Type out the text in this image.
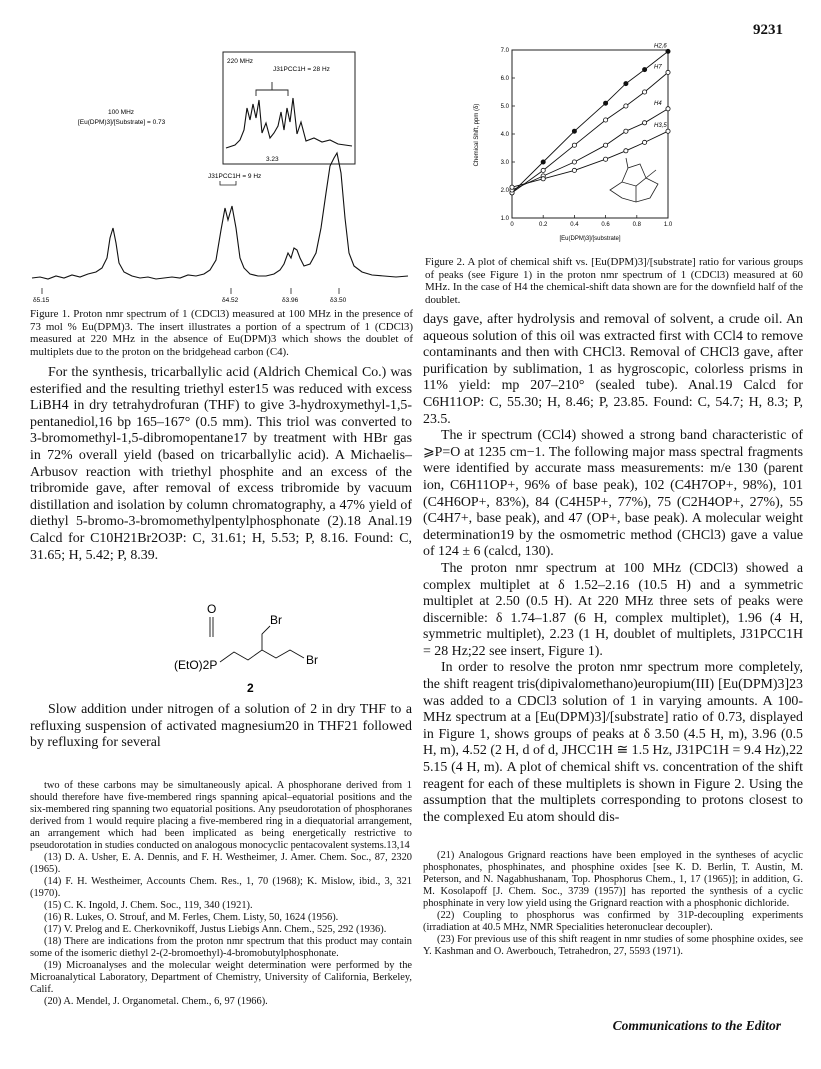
9231
220 MHz
J31PCC1H = 28 Hz
3.23
100 MHz
[Eu(DPM)3]/[Substrate] = 0.73
J31PCC1H = 9 Hz
δ5.15	δ4.52	δ3.96	δ3.50
Figure 1. Proton nmr spectrum of 1 (CDCl3) measured at 100 MHz in the presence of 73 mol % Eu(DPM)3. The insert illustrates a portion of a spectrum of 1 (CDCl3) measured at 220 MHz in the absence of Eu(DPM)3 which shows the doublet of multiplets due to the proton on the bridgehead carbon (C4).
1.0
2.0
3.0
4.0
5.0
6.0
7.0
0	0.2	0.4	0.6	0.8	1.0
H2,6
H7
H4
H3,5
Chemical Shift, ppm (δ)
[Eu(DPM)3]/[substrate]
Figure 2. A plot of chemical shift vs. [Eu(DPM)3]/[substrate] ratio for various groups of peaks (see Figure 1) in the proton nmr spectrum of 1 (CDCl3) measured at 60 MHz. In the case of H4 the chemical-shift data shown are for the downfield half of the doublet.

For the synthesis, tricarballylic acid (Aldrich Chemical Co.) was esterified and the resulting triethyl ester15 was reduced with excess LiBH4 in dry tetrahydrofuran (THF) to give 3-hydroxymethyl-1,5-pentanediol,16 bp 165–167° (0.5 mm). This triol was converted to 3-bromomethyl-1,5-dibromopentane17 by treatment with HBr gas in 72% overall yield (based on tricarballylic acid). A Michaelis–Arbusov reaction with triethyl phosphite and an excess of the tribromide gave, after removal of excess tribromide by vacuum distillation and isolation by column chromatography, a 47% yield of diethyl 5-bromo-3-bromomethylpentylphosphonate (2).18 Anal.19 Calcd for C10H21Br2O3P: C, 31.61; H, 5.53; P, 8.16. Found: C, 31.65; H, 5.42; P, 8.39.

O
(EtO)2P
Br
Br
2

Slow addition under nitrogen of a solution of 2 in dry THF to a refluxing suspension of activated magnesium20 in THF21 followed by refluxing for several

two of these carbons may be simultaneously apical. A phosphorane derived from 1 should therefore have five-membered rings spanning apical–equatorial positions and the six-membered ring spanning two equatorial positions. Any pseudorotation of phosphoranes derived from 1 would require placing a five-membered ring in a diequatorial arrangement, an arrangement which had been implicated as being energetically restrictive to pseudorotation in studies conducted on analogous monocyclic pentacovalent systems.13,14

(13) D. A. Usher, E. A. Dennis, and F. H. Westheimer, J. Amer. Chem. Soc., 87, 2320 (1965).

(14) F. H. Westheimer, Accounts Chem. Res., 1, 70 (1968); K. Mislow, ibid., 3, 321 (1970).

(15) C. K. Ingold, J. Chem. Soc., 119, 340 (1921).

(16) R. Lukes, O. Strouf, and M. Ferles, Chem. Listy, 50, 1624 (1956).

(17) V. Prelog and E. Cherkovnikoff, Justus Liebigs Ann. Chem., 525, 292 (1936).

(18) There are indications from the proton nmr spectrum that this product may contain some of the isomeric diethyl 2-(2-bromoethyl)-4-bromobutylphosphonate.

(19) Microanalyses and the molecular weight determination were performed by the Microanalytical Laboratory, Department of Chemistry, University of California, Berkeley, Calif.

(20) A. Mendel, J. Organometal. Chem., 6, 97 (1966).

days gave, after hydrolysis and removal of solvent, a crude oil. An aqueous solution of this oil was extracted first with CCl4 to remove contaminants and then with CHCl3. Removal of CHCl3 gave, after purification by sublimation, 1 as hygroscopic, colorless prisms in 11% yield: mp 207–210° (sealed tube). Anal.19 Calcd for C6H11OP: C, 55.30; H, 8.46; P, 23.85. Found: C, 54.7; H, 8.3; P, 23.5.

The ir spectrum (CCl4) showed a strong band characteristic of ⩾P=O at 1235 cm−1. The following major mass spectral fragments were identified by accurate mass measurements: m/e 130 (parent ion, C6H11OP+, 96% of base peak), 102 (C4H7OP+, 98%), 101 (C4H6OP+, 83%), 84 (C4H5P+, 77%), 75 (C2H4OP+, 27%), 55 (C4H7+, base peak), and 47 (OP+, base peak). A molecular weight determination19 by the osmometric method (CHCl3) gave a value of 124 ± 6 (calcd, 130).

The proton nmr spectrum at 100 MHz (CDCl3) showed a complex multiplet at δ 1.52–2.16 (10.5 H) and a symmetric multiplet at 2.50 (0.5 H). At 220 MHz three sets of peaks were discernible: δ 1.74–1.87 (6 H, complex multiplet), 1.96 (4 H, symmetric multiplet), 2.23 (1 H, doublet of multiplets, J31PCC1H = 28 Hz;22 see insert, Figure 1).

In order to resolve the proton nmr spectrum more completely, the shift reagent tris(dipivalomethano)europium(III) [Eu(DPM)3]23 was added to a CDCl3 solution of 1 in varying amounts. A 100-MHz spectrum at a [Eu(DPM)3]/[substrate] ratio of 0.73, displayed in Figure 1, shows groups of peaks at δ 3.50 (4.5 H, m), 3.96 (0.5 H, m), 4.52 (2 H, d of d, JHCC1H ≅ 1.5 Hz, J31PC1H = 9.4 Hz),22 5.15 (4 H, m). A plot of chemical shift vs. concentration of the shift reagent for each of these multiplets is shown in Figure 2. Using the assumption that the multiplets corresponding to protons closest to the complexed Eu atom should dis-

(21) Analogous Grignard reactions have been employed in the syntheses of acyclic phosphonates, phosphinates, and phosphine oxides [see K. D. Berlin, T. Austin, M. Peterson, and N. Nagabhushanam, Top. Phosphorus Chem., 1, 17 (1965)]; in addition, G. M. Kosolapoff [J. Chem. Soc., 3739 (1957)] has reported the synthesis of a cyclic phosphinate in very low yield using the Grignard reaction with a phosphonic dichloride.

(22) Coupling to phosphorus was confirmed by 31P-decoupling experiments (irradiation at 40.5 MHz, NMR Specialities heteronuclear decoupler).

(23) For previous use of this shift reagent in nmr studies of some phosphine oxides, see Y. Kashman and O. Awerbouch, Tetrahedron, 27, 5593 (1971).

Communications to the Editor
